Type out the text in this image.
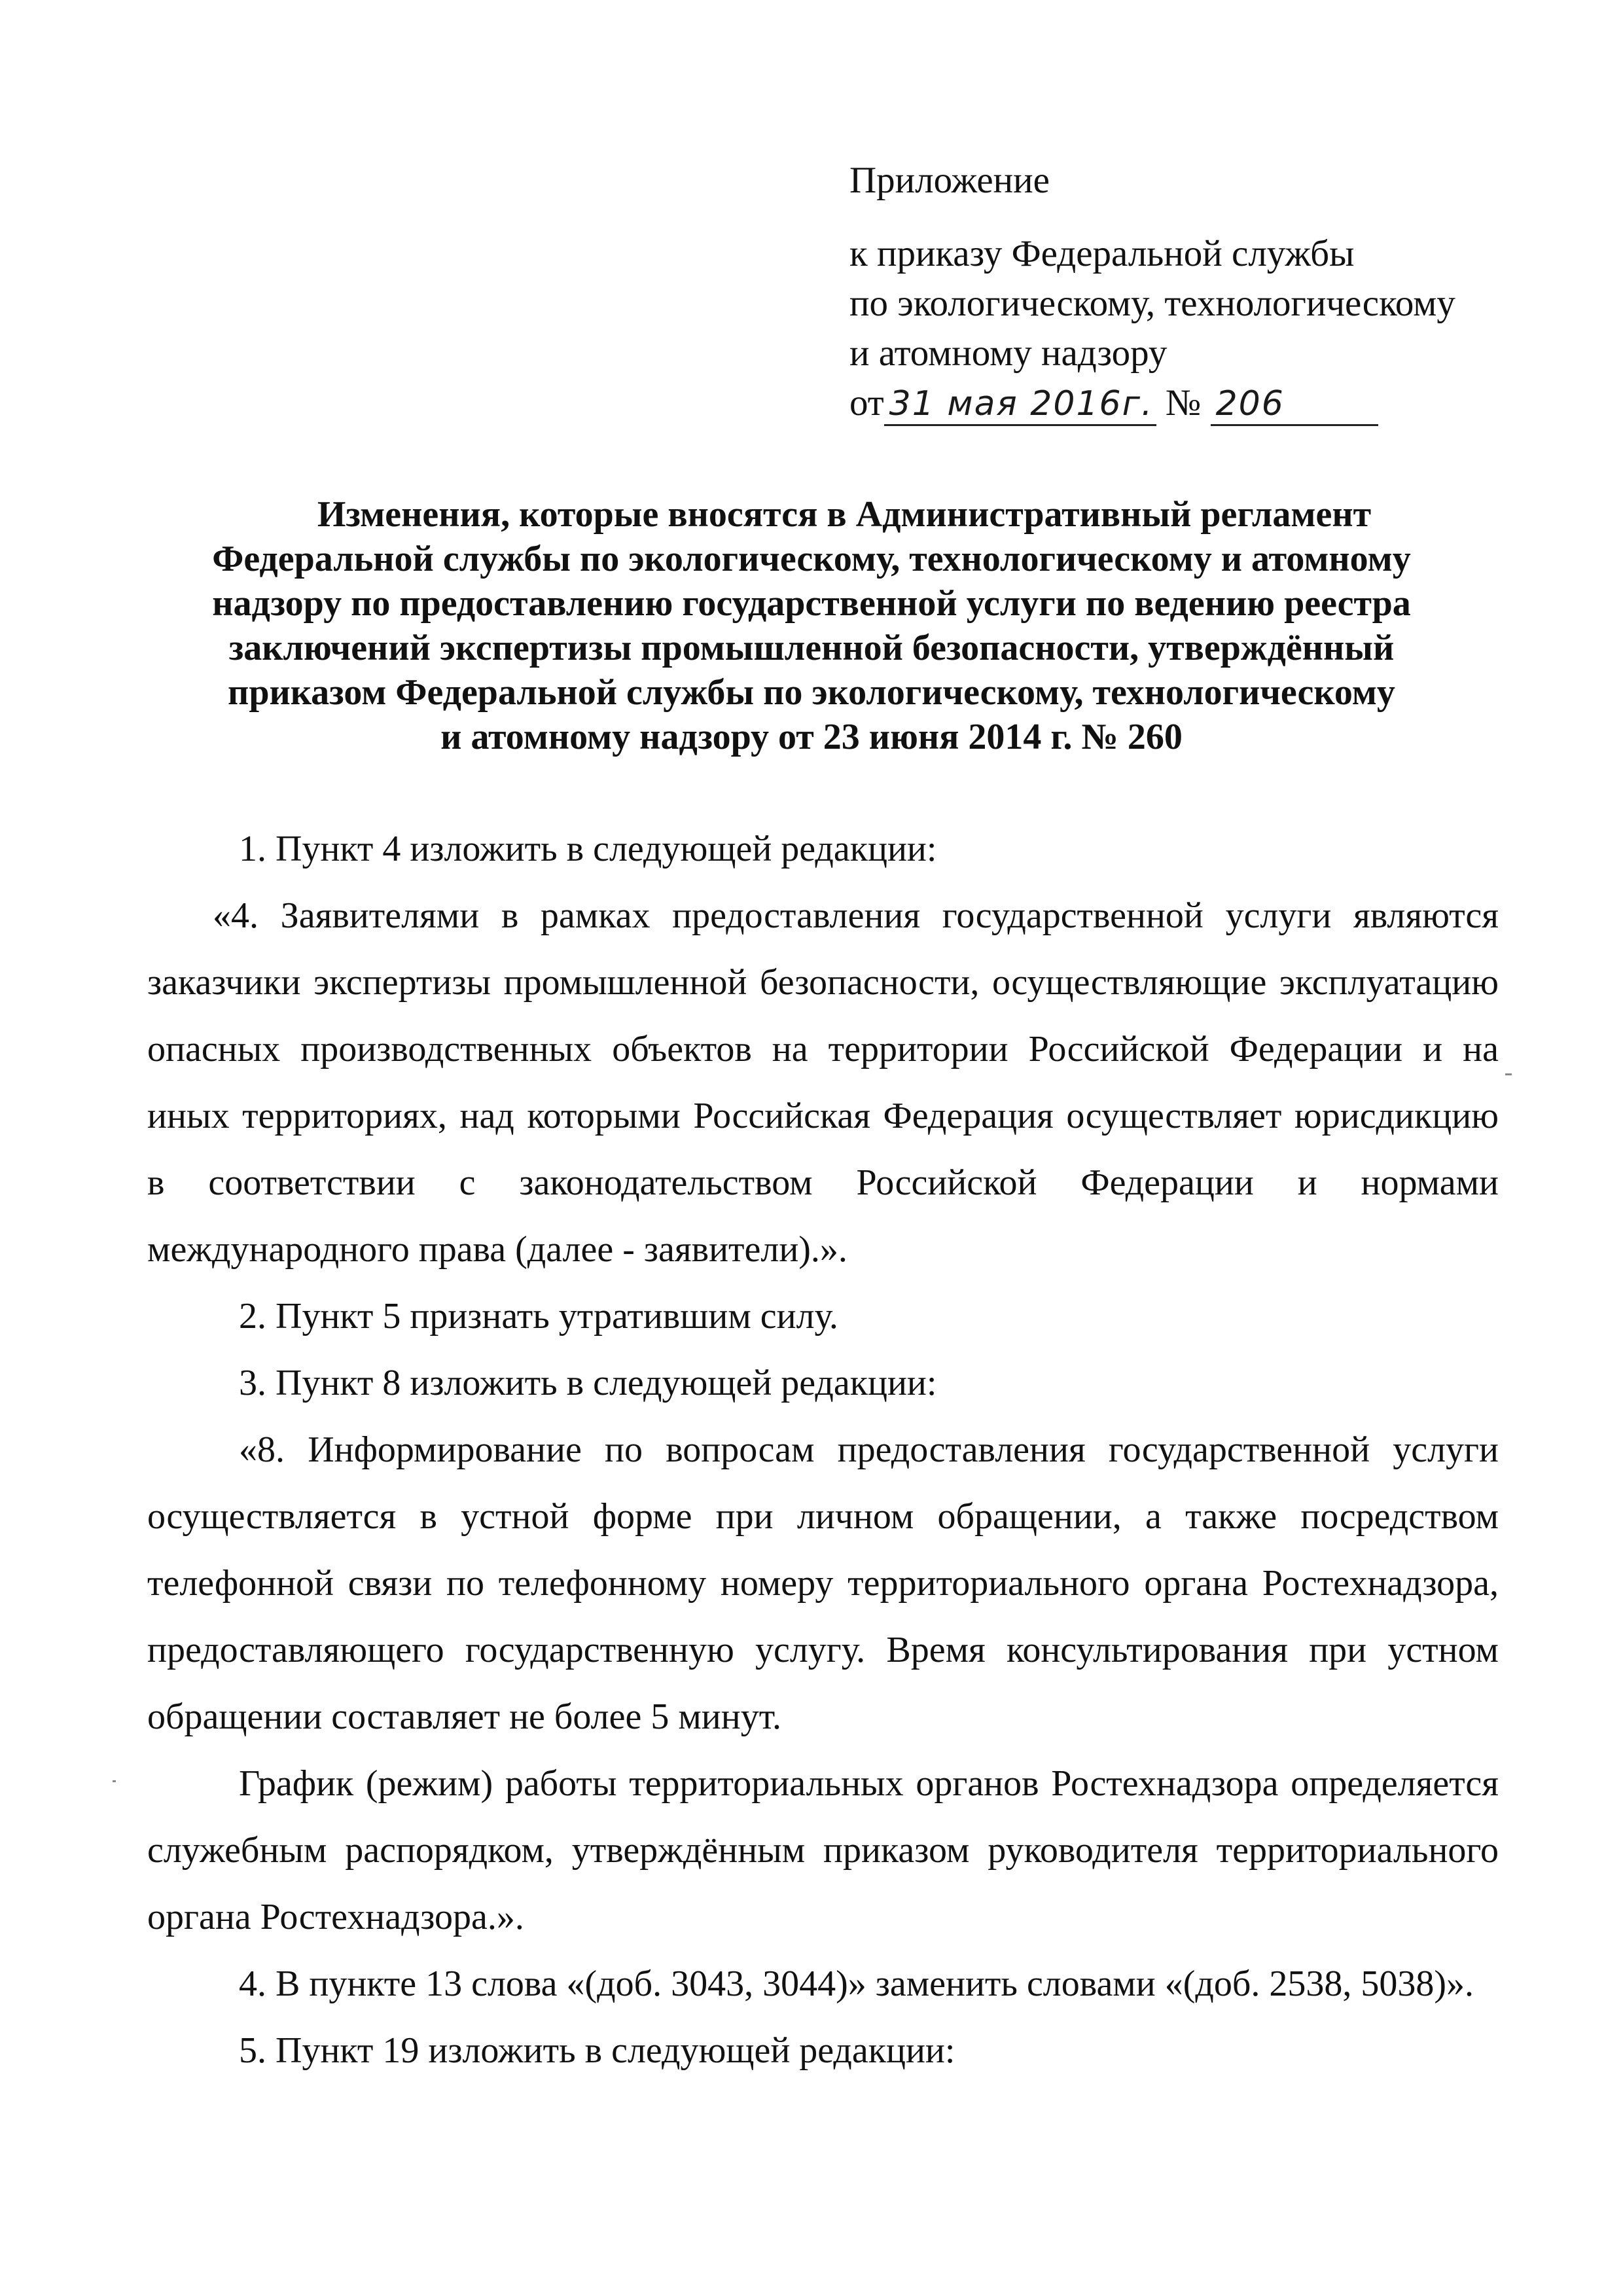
Приложение
к приказу Федеральной службы
по экологическому, технологическому
и атомному надзору
от 31 мая 2016г. № 206
Изменения, которые вносятся в Административный регламент
Федеральной службы по экологическому, технологическому и атомному
надзору по предоставлению государственной услуги по ведению реестра
заключений экспертизы промышленной безопасности, утверждённый
приказом Федеральной службы по экологическому, технологическому
и атомному надзору от 23 июня 2014 г. № 260

1. Пункт 4 изложить в следующей редакции:

«4. Заявителями в рамках предоставления государственной услуги являются заказчики экспертизы промышленной безопасности, осуществляющие эксплуатацию опасных производственных объектов на территории Российской Федерации и на иных территориях, над которыми Российская Федерация осуществляет юрисдикцию в соответствии с законодательством Российской Федерации и нормами международного права (далее - заявители).».

2. Пункт 5 признать утратившим силу.

3. Пункт 8 изложить в следующей редакции:

«8. Информирование по вопросам предоставления государственной услуги осуществляется в устной форме при личном обращении, а также посредством телефонной связи по телефонному номеру территориального органа Ростехнадзора, предоставляющего государственную услугу. Время консультирования при устном обращении составляет не более 5 минут.

График (режим) работы территориальных органов Ростехнадзора определяется служебным распорядком, утверждённым приказом руководителя территориального органа Ростехнадзора.».

4. В пункте 13 слова «(доб. 3043, 3044)» заменить словами «(доб. 2538, 5038)».

5. Пункт 19 изложить в следующей редакции:
